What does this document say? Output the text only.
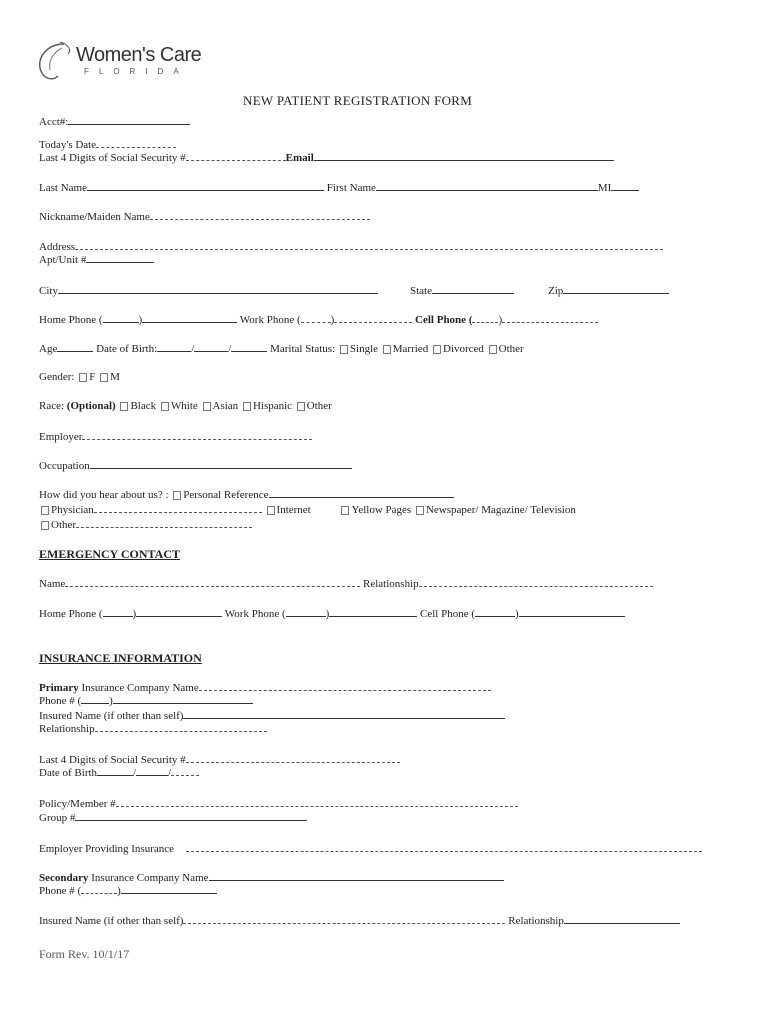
Women's Care
FLORIDA
NEW PATIENT REGISTRATION FORM
Acct#:
Today's Date
Last 4 Digits of Social Security #	Email
Last Name	First Name	MI
Nickname/Maiden Name
Address
Apt/Unit #
City	State	Zip
Home Phone (	)	Work Phone (	)	Cell Phone ( )
Age	Date of Birth:	/	/	Marital Status: Single Married Divorced Other
Gender: F M
Race: (Optional) Black White Asian Hispanic Other
Employer
Occupation
How did you hear about us? : Personal Reference
Physician	Internet	Yellow Pages Newspaper/ Magazine/ Television
Other
EMERGENCY CONTACT
Name	Relationship
Home Phone (	)	Work Phone (	)	Cell Phone (	)
INSURANCE INFORMATION
Primary Insurance Company Name
Phone # (	)
Insured Name (if other than self)
Relationship
Last 4 Digits of Social Security #
Date of Birth	/	/
Policy/Member #
Group #
Employer Providing Insurance
Secondary Insurance Company Name
Phone # (	)
Insured Name (if other than self)	Relationship
Form Rev. 10/1/17
